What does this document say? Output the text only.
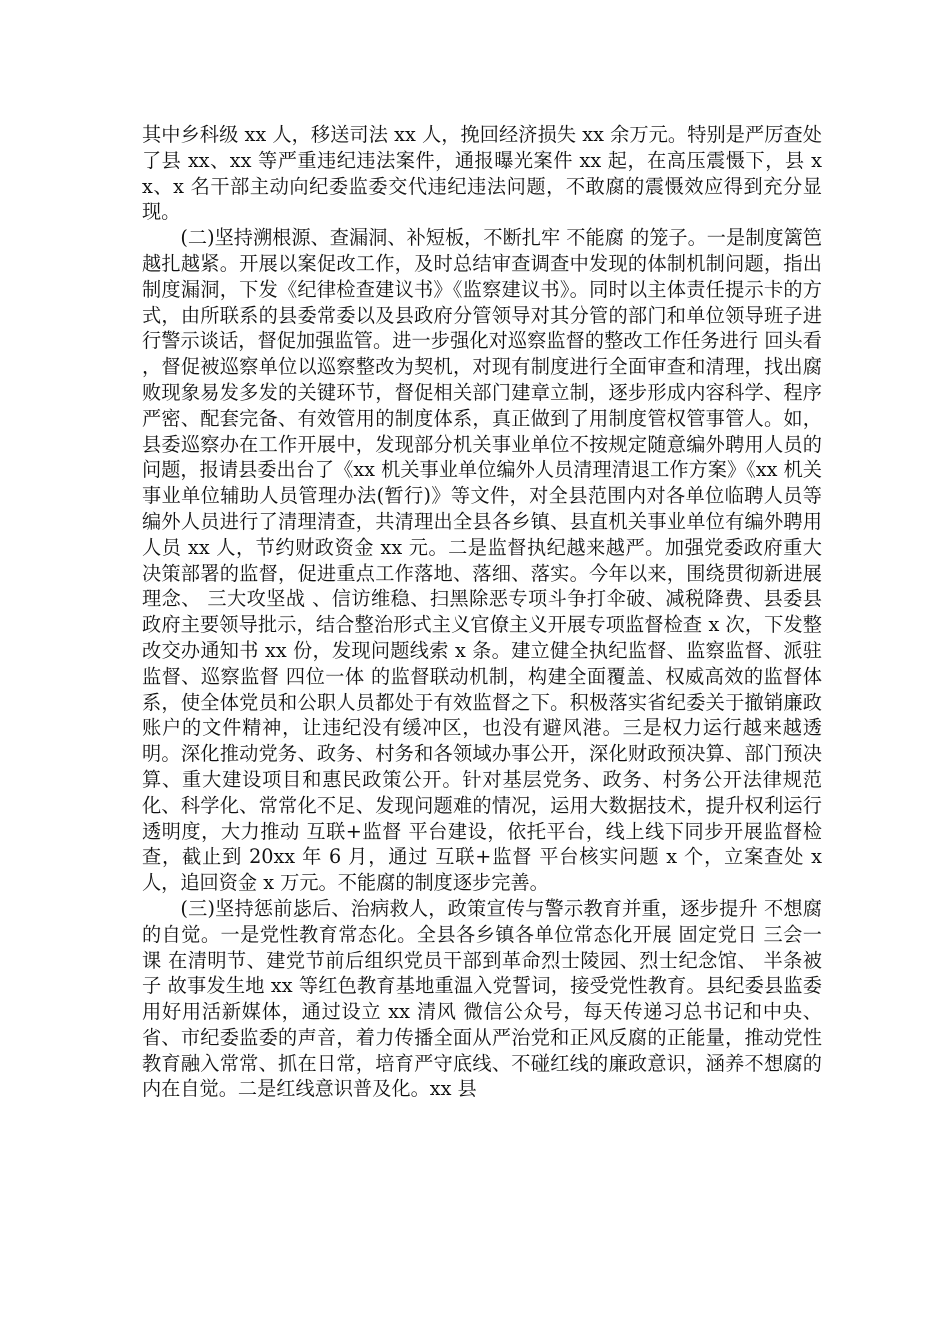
其中乡科级 xx 人，移送司法 xx 人，挽回经济损失 xx 余万元。特别是严厉查处了县 xx、xx 等严重违纪违法案件，通报曝光案件 xx 起，在高压震慑下，县 xx、x 名干部主动向纪委监委交代违纪违法问题，不敢腐的震慑效应得到充分显现。

(二)坚持溯根源、查漏洞、补短板，不断扎牢 不能腐 的笼子。一是制度篱笆越扎越紧。开展以案促改工作，及时总结审查调查中发现的体制机制问题，指出制度漏洞，下发《纪律检查建议书》《监察建议书》。同时以主体责任提示卡的方式，由所联系的县委常委以及县政府分管领导对其分管的部门和单位领导班子进行警示谈话，督促加强监管。进一步强化对巡察监督的整改工作任务进行 回头看 ，督促被巡察单位以巡察整改为契机，对现有制度进行全面审查和清理，找出腐败现象易发多发的关键环节，督促相关部门建章立制，逐步形成内容科学、程序严密、配套完备、有效管用的制度体系，真正做到了用制度管权管事管人。如，县委巡察办在工作开展中，发现部分机关事业单位不按规定随意编外聘用人员的问题，报请县委出台了《xx 机关事业单位编外人员清理清退工作方案》《xx 机关事业单位辅助人员管理办法(暂行)》等文件，对全县范围内对各单位临聘人员等编外人员进行了清理清查，共清理出全县各乡镇、县直机关事业单位有编外聘用人员 xx 人，节约财政资金 xx 元。二是监督执纪越来越严。加强党委政府重大决策部署的监督，促进重点工作落地、落细、落实。今年以来，围绕贯彻新进展理念、 三大攻坚战 、信访维稳、扫黑除恶专项斗争打伞破、减税降费、县委县政府主要领导批示，结合整治形式主义官僚主义开展专项监督检查 x 次，下发整改交办通知书 xx 份，发现问题线索 x 条。建立健全执纪监督、监察监督、派驻监督、巡察监督 四位一体 的监督联动机制，构建全面覆盖、权威高效的监督体系，使全体党员和公职人员都处于有效监督之下。积极落实省纪委关于撤销廉政账户的文件精神，让违纪没有缓冲区，也没有避风港。三是权力运行越来越透明。深化推动党务、政务、村务和各领域办事公开，深化财政预决算、部门预决算、重大建设项目和惠民政策公开。针对基层党务、政务、村务公开法律规范化、科学化、常常化不足、发现问题难的情况，运用大数据技术，提升权利运行透明度，大力推动 互联+监督 平台建设，依托平台，线上线下同步开展监督检查，截止到 20xx 年 6 月，通过 互联+监督 平台核实问题 x 个，立案查处 x 人，追回资金 x 万元。不能腐的制度逐步完善。

(三)坚持惩前毖后、治病救人，政策宣传与警示教育并重，逐步提升 不想腐 的自觉。一是党性教育常态化。全县各乡镇各单位常态化开展 固定党日 三会一课 在清明节、建党节前后组织党员干部到革命烈士陵园、烈士纪念馆、 半条被子 故事发生地 xx 等红色教育基地重温入党誓词，接受党性教育。县纪委县监委用好用活新媒体，通过设立 xx 清风 微信公众号，每天传递习总书记和中央、省、市纪委监委的声音，着力传播全面从严治党和正风反腐的正能量，推动党性教育融入常常、抓在日常，培育严守底线、不碰红线的廉政意识，涵养不想腐的内在自觉。二是红线意识普及化。xx 县
